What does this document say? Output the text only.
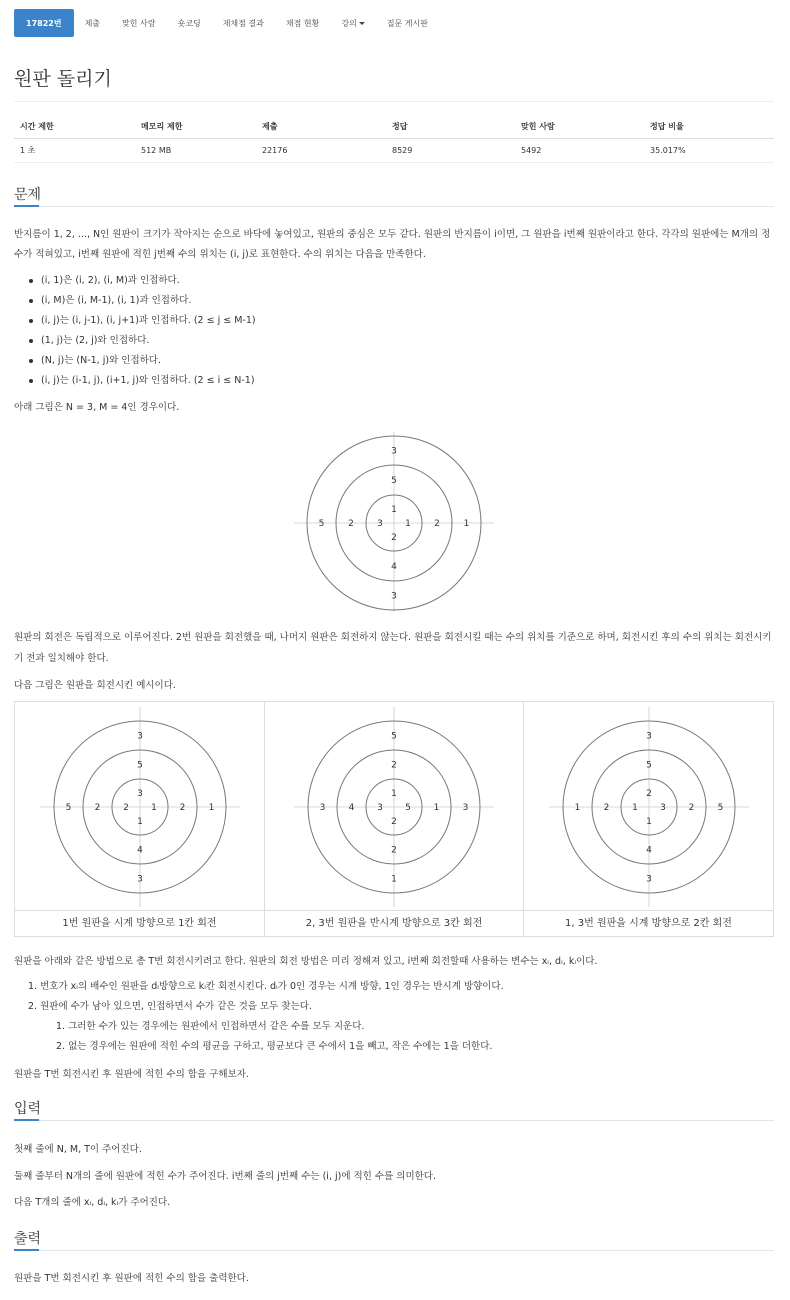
17822번	제출	맞힌 사람	숏코딩	재채점 결과	채점 현황	강의	질문 게시판
원판 돌리기
시간 제한	메모리 제한	제출	정답	맞힌 사람	정답 비율
1 초	512 MB	22176	8529	5492	35.017%
문제
반지름이 1, 2, ..., N인 원판이 크기가 작아지는 순으로 바닥에 놓여있고, 원판의 중심은 모두 같다. 원판의 반지름이 i이면, 그 원판을 i번째 원판이라고 한다. 각각의 원판에는 M개의 정
수가 적혀있고, i번째 원판에 적힌 j번째 수의 위치는 (i, j)로 표현한다. 수의 위치는 다음을 만족한다.
(i, 1)은 (i, 2), (i, M)과 인접하다.
(i, M)은 (i, M-1), (i, 1)과 인접하다.
(i, j)는 (i, j-1), (i, j+1)과 인접하다. (2 ≤ j ≤ M-1)
(1, j)는 (2, j)와 인접하다.
(N, j)는 (N-1, j)와 인접하다.
(i, j)는 (i-1, j), (i+1, j)와 인접하다. (2 ≤ i ≤ N-1)
아래 그림은 N = 3, M = 4인 경우이다.
1
1
2
3
5
2
4
2
3
1
3
5
원판의 회전은 독립적으로 이루어진다. 2번 원판을 회전했을 때, 나머지 원판은 회전하지 않는다. 원판을 회전시킬 때는 수의 위치를 기준으로 하며, 회전시킨 후의 수의 위치는 회전시키
기 전과 일치해야 한다.
다음 그림은 원판을 회전시킨 예시이다.
3
1
1
2
5
2
4
2
3
1
3
5
1번 원판을 시계 방향으로 1칸 회전
1
5
2
3
2
1
2
4
5
3
1
3
2, 3번 원판을 반시계 방향으로 3칸 회전
2
3
1
1
5
2
4
2
3
5
3
1
1, 3번 원판을 시계 방향으로 2칸 회전
원판을 아래와 같은 방법으로 총 T번 회전시키려고 한다. 원판의 회전 방법은 미리 정해져 있고, i번째 회전할때 사용하는 변수는 xᵢ, dᵢ, kᵢ이다.
1. 번호가 xᵢ의 배수인 원판을 dᵢ방향으로 kᵢ칸 회전시킨다. dᵢ가 0인 경우는 시계 방향, 1인 경우는 반시계 방향이다.
2. 원판에 수가 남아 있으면, 인접하면서 수가 같은 것을 모두 찾는다.
1. 그러한 수가 있는 경우에는 원판에서 인접하면서 같은 수를 모두 지운다.
2. 없는 경우에는 원판에 적힌 수의 평균을 구하고, 평균보다 큰 수에서 1을 빼고, 작은 수에는 1을 더한다.
원판을 T번 회전시킨 후 원판에 적힌 수의 합을 구해보자.
입력
첫째 줄에 N, M, T이 주어진다.
둘째 줄부터 N개의 줄에 원판에 적힌 수가 주어진다. i번째 줄의 j번째 수는 (i, j)에 적힌 수를 의미한다.
다음 T개의 줄에 xᵢ, dᵢ, kᵢ가 주어진다.
출력
원판을 T번 회전시킨 후 원판에 적힌 수의 합을 출력한다.
